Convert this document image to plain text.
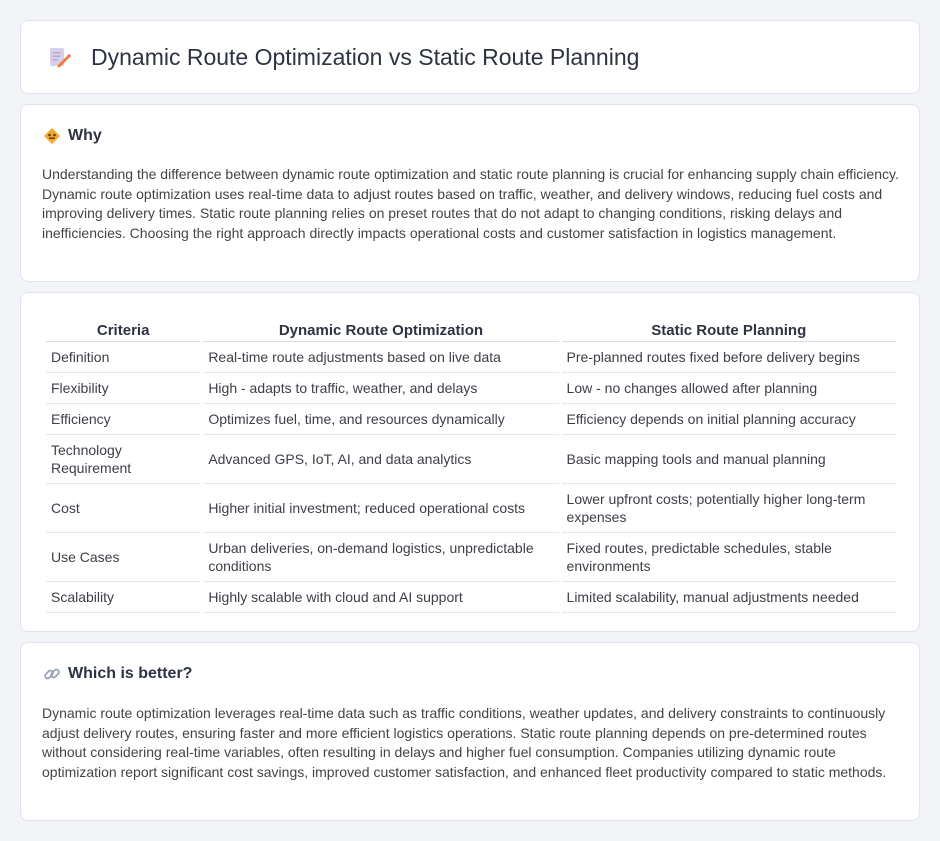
Dynamic Route Optimization vs Static Route Planning
Why

Understanding the difference between dynamic route optimization and static route planning is crucial for enhancing supply chain efficiency. Dynamic route optimization uses real-time data to adjust routes based on traffic, weather, and delivery windows, reducing fuel costs and improving delivery times. Static route planning relies on preset routes that do not adapt to changing conditions, risking delays and inefficiencies. Choosing the right approach directly impacts operational costs and customer satisfaction in logistics management.

Criteria	Dynamic Route Optimization	Static Route Planning
Definition	Real-time route adjustments based on live data	Pre-planned routes fixed before delivery begins
Flexibility	High - adapts to traffic, weather, and delays	Low - no changes allowed after planning
Efficiency	Optimizes fuel, time, and resources dynamically	Efficiency depends on initial planning accuracy
Technology Requirement	Advanced GPS, IoT, AI, and data analytics	Basic mapping tools and manual planning
Cost	Higher initial investment; reduced operational costs	Lower upfront costs; potentially higher long-term expenses
Use Cases	Urban deliveries, on-demand logistics, unpredictable conditions	Fixed routes, predictable schedules, stable environments
Scalability	Highly scalable with cloud and AI support	Limited scalability, manual adjustments needed
Which is better?

Dynamic route optimization leverages real-time data such as traffic conditions, weather updates, and delivery constraints to continuously adjust delivery routes, ensuring faster and more efficient logistics operations. Static route planning depends on pre-determined routes without considering real-time variables, often resulting in delays and higher fuel consumption. Companies utilizing dynamic route optimization report significant cost savings, improved customer satisfaction, and enhanced fleet productivity compared to static methods.
